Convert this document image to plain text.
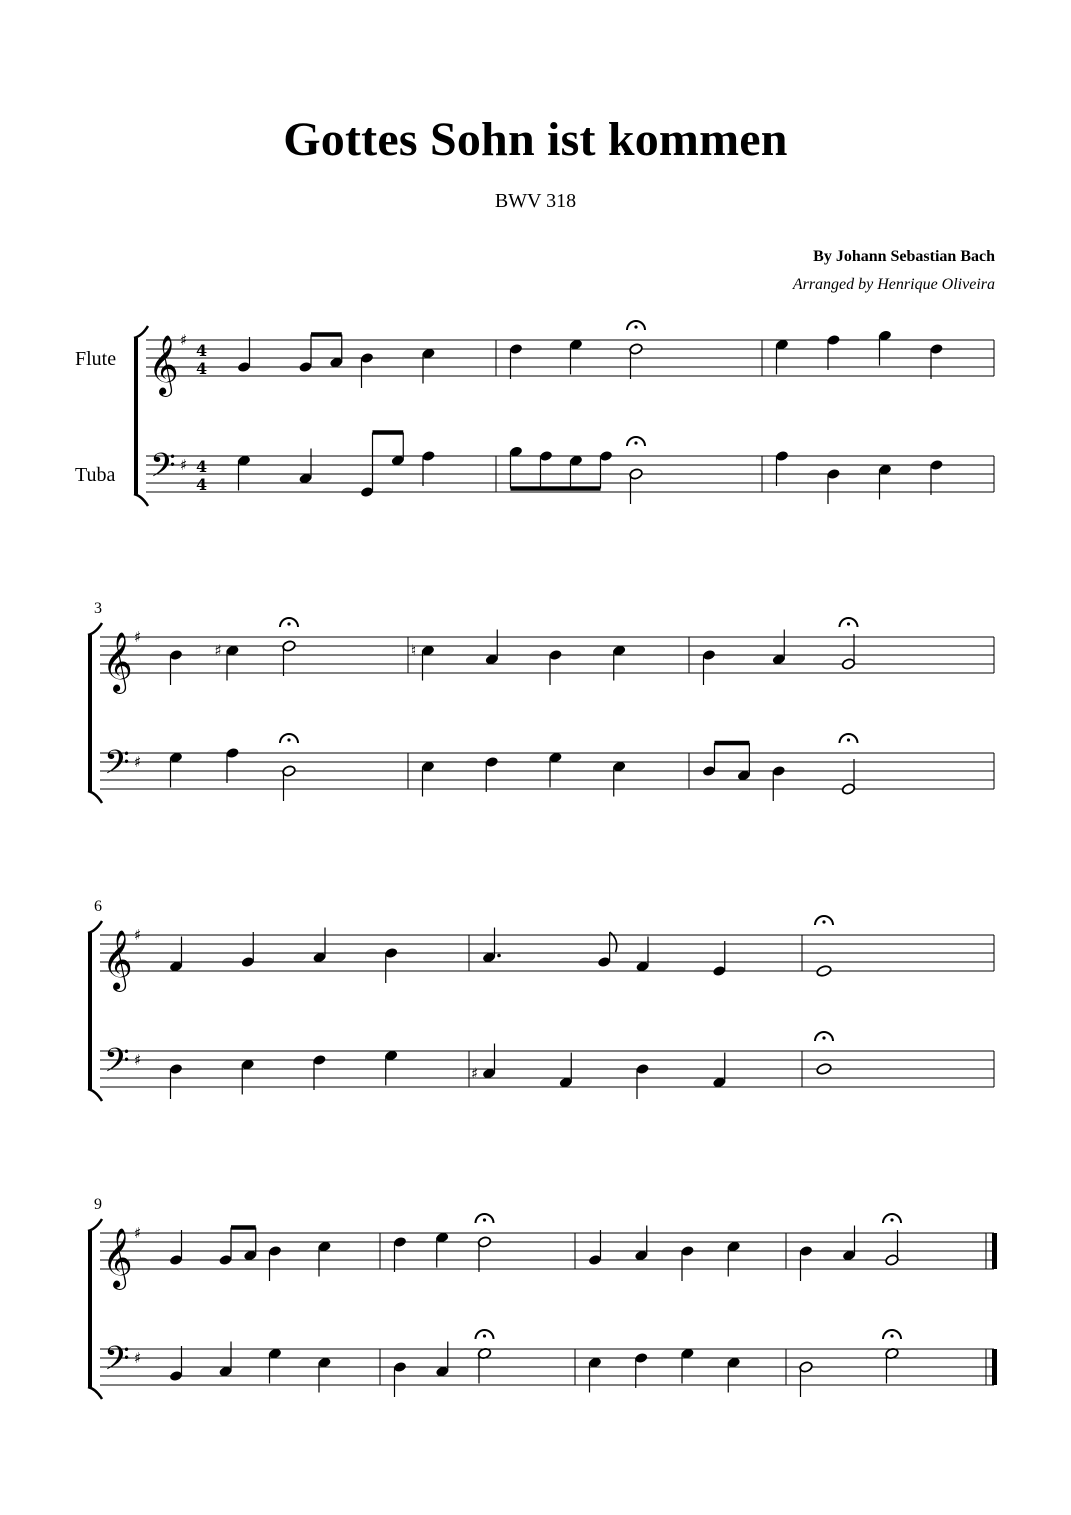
Gottes Sohn ist kommen
BWV 318
By Johann Sebastian Bach
Arranged by Henrique Oliveira
Flute
Tuba
𝄞
𝄢
♯
♯
4
4
4
4
3
𝄞
𝄢
♯
♯
♯	♮
6
𝄞
𝄢
♯
♯
♯
9
𝄞
𝄢
♯
♯
